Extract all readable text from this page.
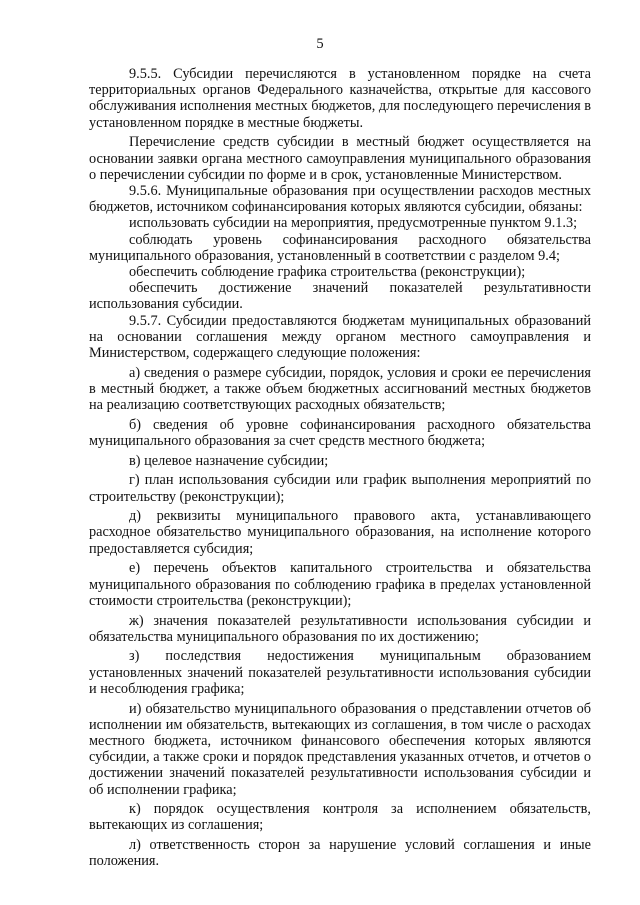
5

9.5.5. Субсидии перечисляются в установленном порядке на счета территориальных органов Федерального казначейства, открытые для кассового обслуживания исполнения местных бюджетов, для последующего перечисления в установленном порядке в местные бюджеты.

Перечисление средств субсидии в местный бюджет осуществляется на основании заявки органа местного самоуправления муниципального образования о перечислении субсидии по форме и в срок, установленные Министерством.

9.5.6. Муниципальные образования при осуществлении расходов местных бюджетов, источником софинансирования которых являются субсидии, обязаны:

использовать субсидии на мероприятия, предусмотренные пунктом 9.1.3;

соблюдать уровень софинансирования расходного обязательства муниципального образования, установленный в соответствии с разделом 9.4;

обеспечить соблюдение графика строительства (реконструкции);

обеспечить достижение значений показателей результативности использования субсидии.

9.5.7. Субсидии предоставляются бюджетам муниципальных образований на основании соглашения между органом местного самоуправления и Министерством, содержащего следующие положения:

а) сведения о размере субсидии, порядок, условия и сроки ее перечисления в местный бюджет, а также объем бюджетных ассигнований местных бюджетов на реализацию соответствующих расходных обязательств;

б) сведения об уровне софинансирования расходного обязательства муниципального образования за счет средств местного бюджета;

в) целевое назначение субсидии;

г) план использования субсидии или график выполнения мероприятий по строительству (реконструкции);

д) реквизиты муниципального правового акта, устанавливающего расходное обязательство муниципального образования, на исполнение которого предоставляется субсидия;

е) перечень объектов капитального строительства и обязательства муниципального образования по соблюдению графика в пределах установленной стоимости строительства (реконструкции);

ж) значения показателей результативности использования субсидии и обязательства муниципального образования по их достижению;

з) последствия недостижения муниципальным образованием установленных значений показателей результативности использования субсидии и несоблюдения графика;

и) обязательство муниципального образования о представлении отчетов об исполнении им обязательств, вытекающих из соглашения, в том числе о расходах местного бюджета, источником финансового обеспечения которых являются субсидии, а также сроки и порядок представления указанных отчетов, и отчетов о достижении значений показателей результативности использования субсидии и об исполнении графика;

к) порядок осуществления контроля за исполнением обязательств, вытекающих из соглашения;

л) ответственность сторон за нарушение условий соглашения и иные положения.
